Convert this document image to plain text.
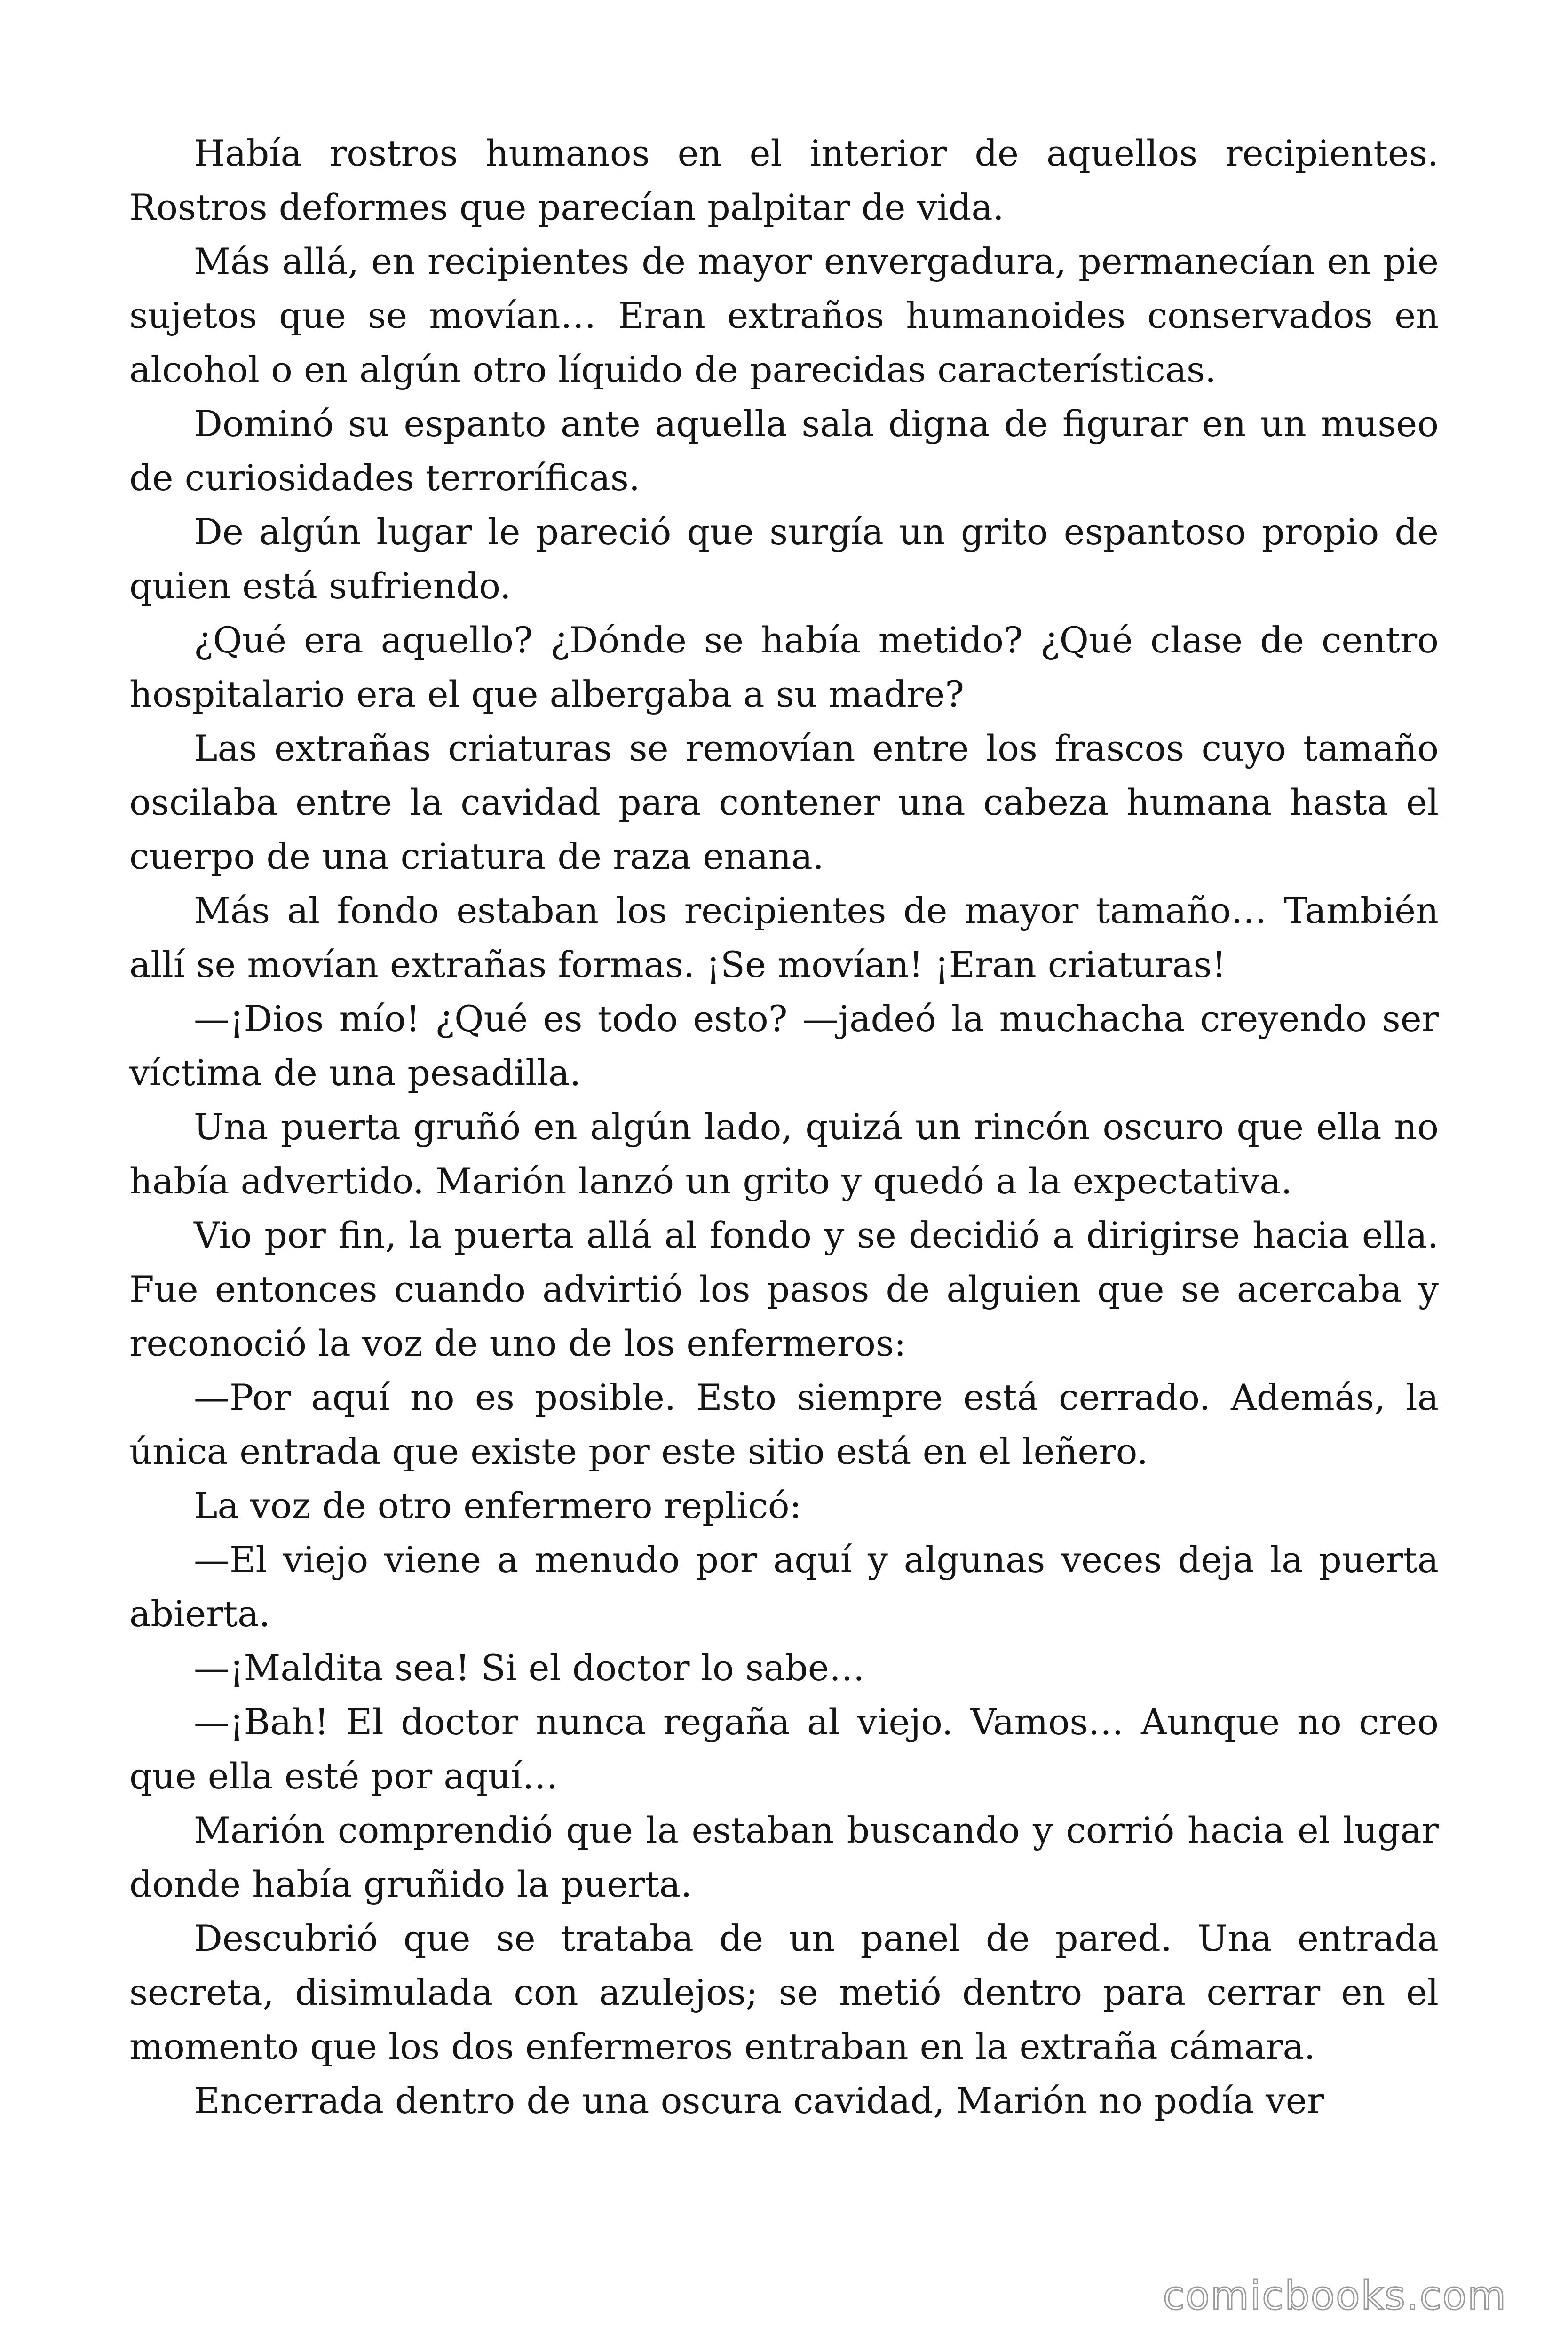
Había rostros humanos en el interior de aquellos recipientes. Rostros deformes que parecían palpitar de vida.

Más allá, en recipientes de mayor envergadura, permanecían en pie sujetos que se movían… Eran extraños humanoides conservados en alcohol o en algún otro líquido de parecidas características.

Dominó su espanto ante aquella sala digna de figurar en un museo de curiosidades terroríficas.

De algún lugar le pareció que surgía un grito espantoso propio de quien está sufriendo.

¿Qué era aquello? ¿Dónde se había metido? ¿Qué clase de centro hospitalario era el que albergaba a su madre?

Las extrañas criaturas se removían entre los frascos cuyo tamaño oscilaba entre la cavidad para contener una cabeza humana hasta el cuerpo de una criatura de raza enana.

Más al fondo estaban los recipientes de mayor tamaño… También allí se movían extrañas formas. ¡Se movían! ¡Eran criaturas!

—¡Dios mío! ¿Qué es todo esto? —jadeó la muchacha creyendo ser víctima de una pesadilla.

Una puerta gruñó en algún lado, quizá un rincón oscuro que ella no había advertido. Marión lanzó un grito y quedó a la expectativa.

Vio por fin, la puerta allá al fondo y se decidió a dirigirse hacia ella. Fue entonces cuando advirtió los pasos de alguien que se acercaba y reconoció la voz de uno de los enfermeros:

—Por aquí no es posible. Esto siempre está cerrado. Además, la única entrada que existe por este sitio está en el leñero.

La voz de otro enfermero replicó:

—El viejo viene a menudo por aquí y algunas veces deja la puerta abierta.

—¡Maldita sea! Si el doctor lo sabe…

—¡Bah! El doctor nunca regaña al viejo. Vamos… Aunque no creo que ella esté por aquí…

Marión comprendió que la estaban buscando y corrió hacia el lugar donde había gruñido la puerta.

Descubrió que se trataba de un panel de pared. Una entrada secreta, disimulada con azulejos; se metió dentro para cerrar en el momento que los dos enfermeros entraban en la extraña cámara.

Encerrada dentro de una oscura cavidad, Marión no podía ver

comicbooks.com
